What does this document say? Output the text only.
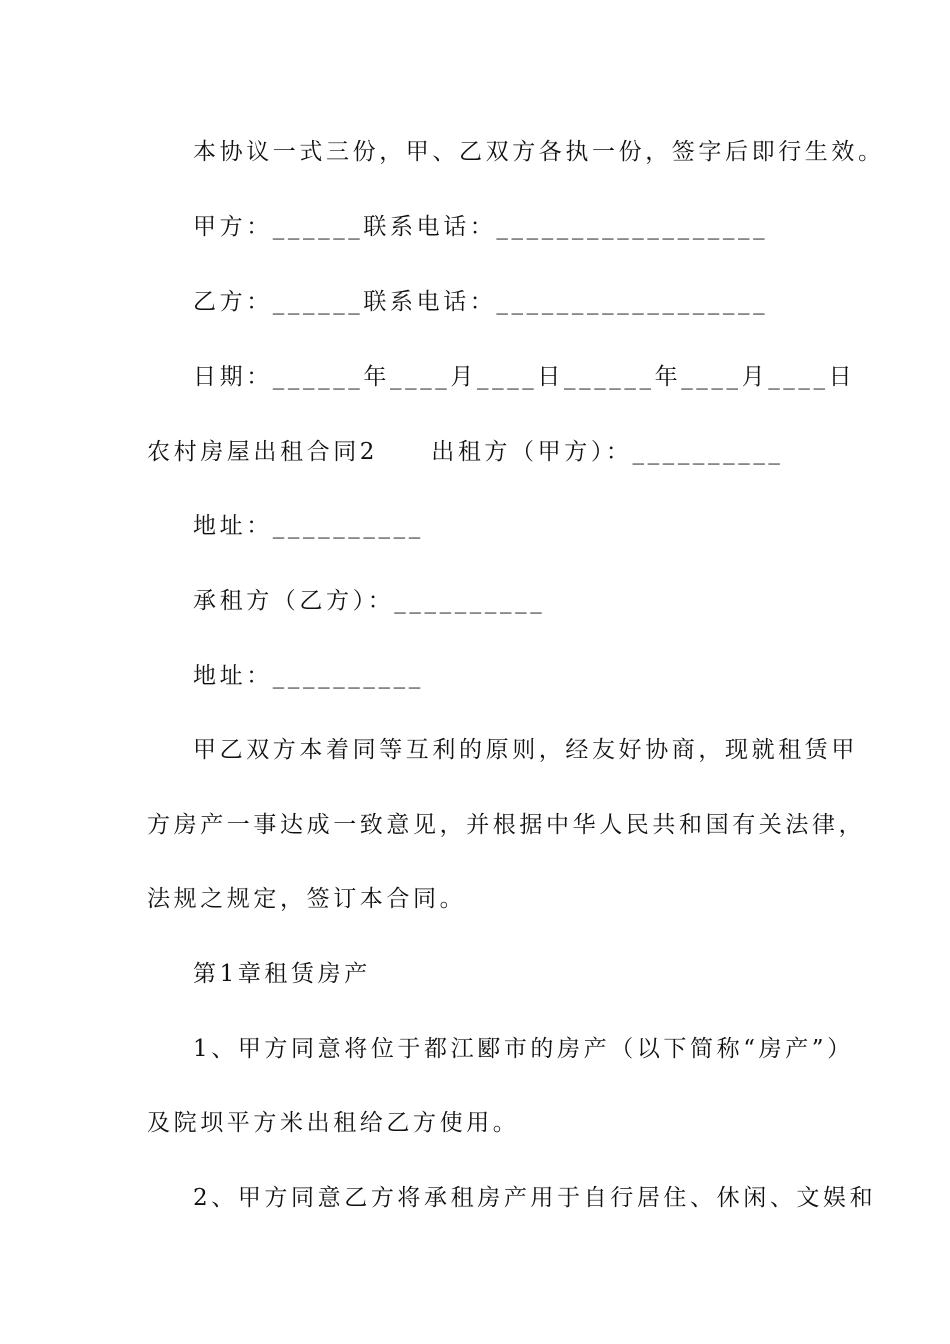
本协议一式三份，甲、乙双方各执一份，签字后即行生效。
甲方：______联系电话：__________________
乙方：______联系电话：__________________
日期：______年____月____日______年____月____日
农村房屋出租合同2　　出租方（甲方）：__________
地址：__________
承租方（乙方）：__________
地址：__________
甲乙双方本着同等互利的原则，经友好协商，现就租赁甲
方房产一事达成一致意见，并根据中华人民共和国有关法律，
法规之规定，签订本合同。
第1章租赁房产
1、甲方同意将位于都江郾市的房产（以下简称“房产”）
及院坝平方米出租给乙方使用。
2、甲方同意乙方将承租房产用于自行居住、休闲、文娱和
